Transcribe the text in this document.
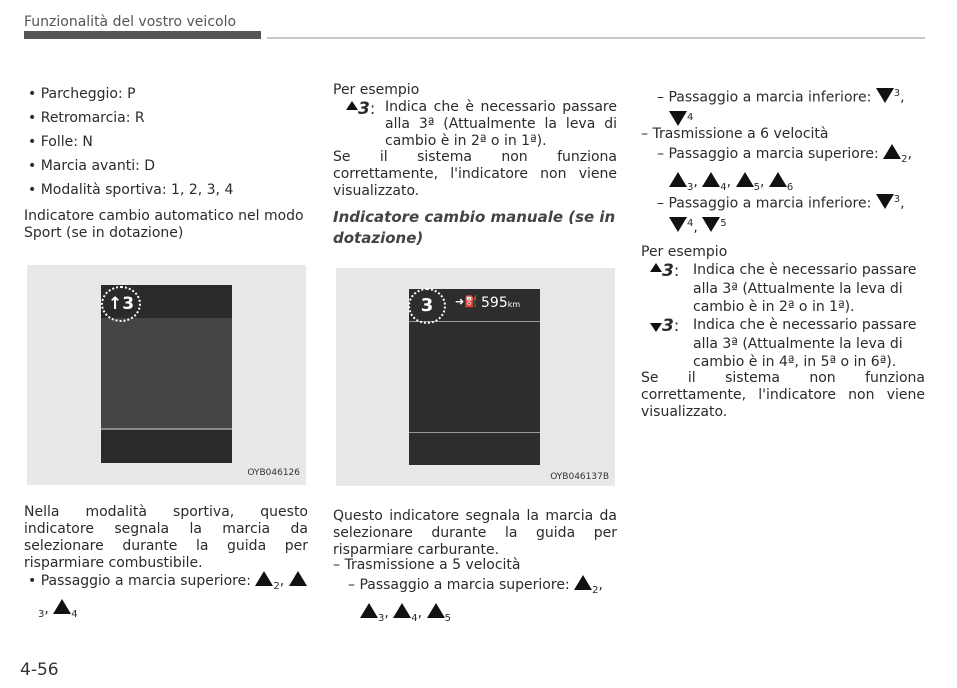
Funzionalità del vostro veicolo
• Parcheggio: P
• Retromarcia: R
• Folle: N
• Marcia avanti: D
• Modalità sportiva: 1, 2, 3, 4
Indicatore cambio automatico nel modo Sport (se in dotazione)
↑3
OYB046126
Nella modalità sportiva, questo indicatore segnala la marcia da selezionare durante la guida per risparmiare combustibile.
• Passaggio a marcia superiore: $_2$,
$_3$, $_4$
Per esempio
3: Indica che è necessario passare alla 3ª (Attualmente la leva di cambio è in 2ª o in 1ª).
Se il sistema non funziona correttamente, l'indicatore non viene visualizzato.
Indicatore cambio manuale (se in dotazione)
➜⛽ 595km
3
OYB046137B
Questo indicatore segnala la marcia da selezionare durante la guida per risparmiare carburante.
– Trasmissione a 5 velocità
– Passaggio a marcia superiore: $_2$,
$_3$, $_4$, $_5$
– Passaggio a marcia inferiore: $^3$,
$^4$
– Trasmissione a 6 velocità
– Passaggio a marcia superiore: $_2$,
$_3$, $_4$, $_5$, $_6$
– Passaggio a marcia inferiore: $^3$,
$^4$, $^5$
Per esempio
3: Indica che è necessario passare alla 3ª (Attualmente la leva di cambio è in 2ª o in 1ª).
3: Indica che è necessario passare alla 3ª (Attualmente la leva di cambio è in 4ª, in 5ª o in 6ª).
Se il sistema non funziona correttamente, l'indicatore non viene visualizzato.
4-56
